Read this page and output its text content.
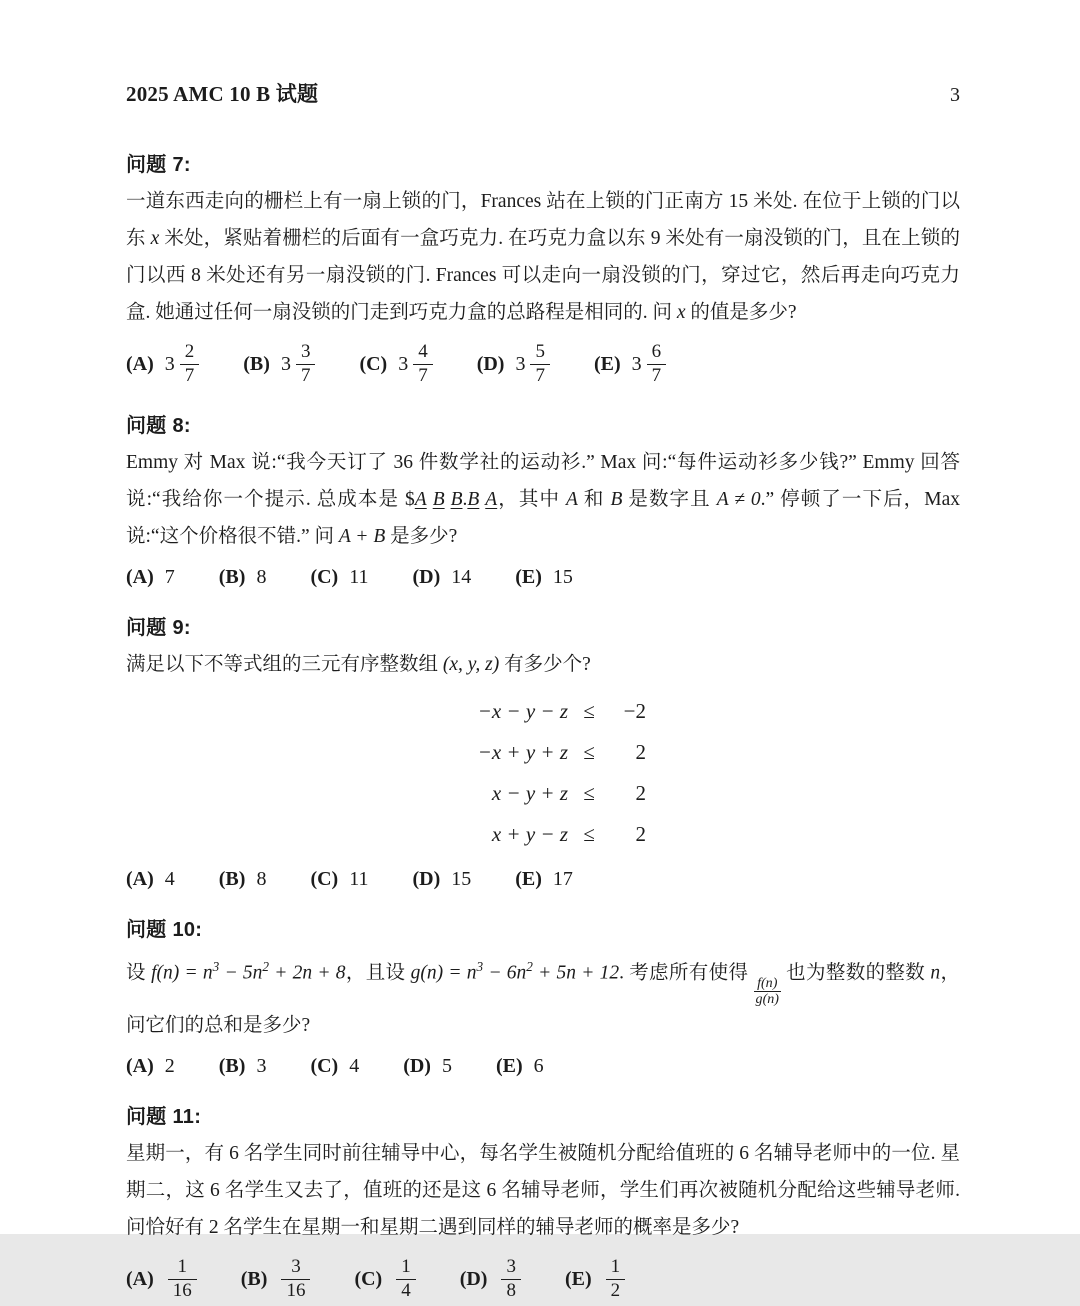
2025 AMC 10 B 试题	3
问题 7:
一道东西走向的栅栏上有一扇上锁的门，Frances 站在上锁的门正南方 15 米处. 在位于上锁的门以东 x 米处，紧贴着栅栏的后面有一盒巧克力. 在巧克力盒以东 9 米处有一扇没锁的门，且在上锁的门以西 8 米处还有另一扇没锁的门. Frances 可以走向一扇没锁的门，穿过它，然后再走向巧克力盒. 她通过任何一扇没锁的门走到巧克力盒的总路程是相同的. 问 x 的值是多少?
(A) $3 \frac{2}{7} (B)$ $3 \frac{3}{7} (C)$ $3 \frac{4}{7} (D)$ $3 \frac{5}{7} (E)$ $3 \frac{6}{7}$
问题 8:
Emmy 对 Max 说:“我今天订了 36 件数学社的运动衫.” Max 问:“每件运动衫多少钱?” Emmy 回答说:“我给你一个提示. 总成本是 $A B B.B A，其中 A 和 B 是数字且 A ≠ 0.” 停顿了一下后，Max 说:“这个价格很不错.” 问 A + B 是多少?
(A) 7 (B) 8 (C) 11 (D) 14 (E) 15
问题 9:
满足以下不等式组的三元有序整数组 (x, y, z) 有多少个?
−x − y − z ≤	−2
−x + y + z ≤	2
x − y + z ≤	2
x + y − z ≤	2
(A) 4 (B) 8 (C) 11 (D) 15 (E) 17
问题 10:
设 $f(n) = n^3 - 5n^2 + 2n + 8$，且设 $g(n) = n^3 - 6n^2 + 5n + 12$. 考虑所有使得
$\frac{f(n)}{g(n)}$
也为整数的整数 n，问它们的总和是多少?
(A) 2 (B) 3 (C) 4 (D) 5 (E) 6
问题 11:
星期一，有 6 名学生同时前往辅导中心，每名学生被随机分配给值班的 6 名辅导老师中的一位. 星期二，这 6 名学生又去了，值班的还是这 6 名辅导老师，学生们再次被随机分配给这些辅导老师. 问恰好有 2 名学生在星期一和星期二遇到同样的辅导老师的概率是多少?
$(A) \frac{1}{16} (B) \frac{3}{16} (C) \frac{1}{4} (D) \frac{3}{8} (E) \frac{1}{2}$
